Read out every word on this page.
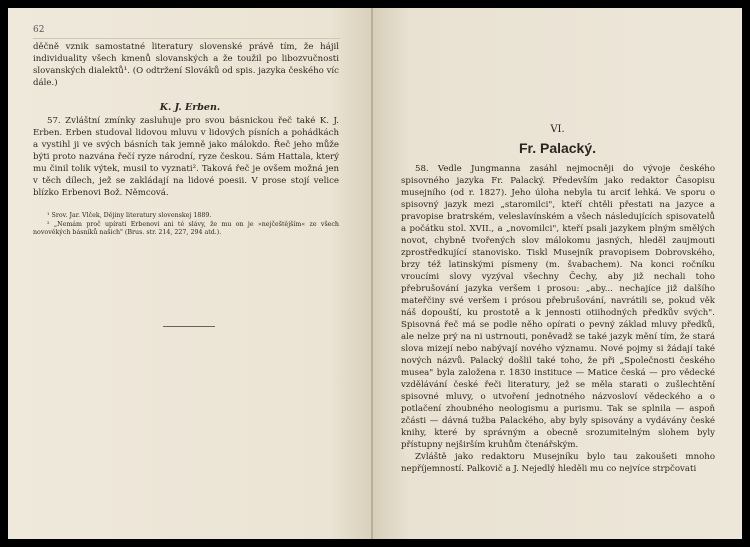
62

děčně vznik samostatné literatury slovenské právě tím, že hájil individuality všech kmenů slovanských a že toužil po libozvučnosti slovanských dialektů¹. (O odtržení Slováků od spis. jazyka českého víc dále.)

K. J. Erben.

57. Zvláštní zmínky zasluhuje pro svou básnickou řeč také K. J. Erben. Erben studoval lidovou mluvu v lidových písních a pohádkách a vystihl ji ve svých básních tak jemně jako málokdo. Řeč jeho může býti proto nazvána řečí ryze národní, ryze českou. Sám Hattala, který mu činil tolik výtek, musil to vyznati². Taková řeč je ovšem možná jen v těch dílech, jež se zakládají na lidové poesii. V prose stojí velice blízko Erbenovi Bož. Němcová.

¹ Srov. Jar. Vlček, Dějiny literatury slovenskej 1889.

² „Nemám proč upírati Erbenovi ani té slávy, že mu on je »nejčeštějším« ze všech novověkých básníků našich" (Brus. str. 214, 227, 294 atd.).

VI.
Fr. Palacký.

58. Vedle Jungmanna zasáhl nejmocněji do vývoje českého spisovného jazyka Fr. Palacký. Především jako redaktor Časopisu musejního (od r. 1827). Jeho úloha nebyla tu arciť lehká. Ve sporu o spisovný jazyk mezi „staromilci", kteří chtěli přestati na jazyce a pravopise bratrském, veleslavínském a všech následujících spisovatelů a počátku stol. XVII., a „novomilci", kteří psali jazykem plným smělých novot, chybně tvořených slov málokomu jasných, hleděl zaujmouti zprostředkující stanovisko. Tiskl Musejník pravopisem Dobrovského, brzy též latinskými písmeny (m. švabachem). Na konci ročníku vroucími slovy vyzýval všechny Čechy, aby již nechali toho přebrušování jazyka veršem i prosou: „aby... nechajíce již dalšího mateřčiny své veršem i prósou přebrušování, navrátili se, pokud věk náš dopouští, ku prostotě a k jennosti otiihodných předkův svých". Spisovná řeč má se podle něho opírati o pevný základ mluvy předků, ale nelze prý na ni ustrnouti, poněvadž se také jazyk mění tím, že stará slova mizejí nebo nabývají nového významu. Nové pojmy si žádají také nových názvů. Palacký došlil také toho, že při „Společnosti českého musea" byla založena r. 1830 instituce — Matice česká — pro vědecké vzdělávání české řeči literatury, jež se měla starati o zušlechtění spisovné mluvy, o utvoření jednotného názvosloví vědeckého a o potlačení zhoubného neologismu a purismu. Tak se splnila — aspoň zčásti — dávná tužba Palackého, aby byly spisovány a vydávány české knihy, které by správným a obecně srozumitelným slohem byly přístupny nejširším kruhům čtenářským.

Zvláště jako redaktoru Musejníku bylo tau zakoušeti mnoho nepříjemností. Palkovič a J. Nejedlý hleděli mu co nejvíce strpčovati
